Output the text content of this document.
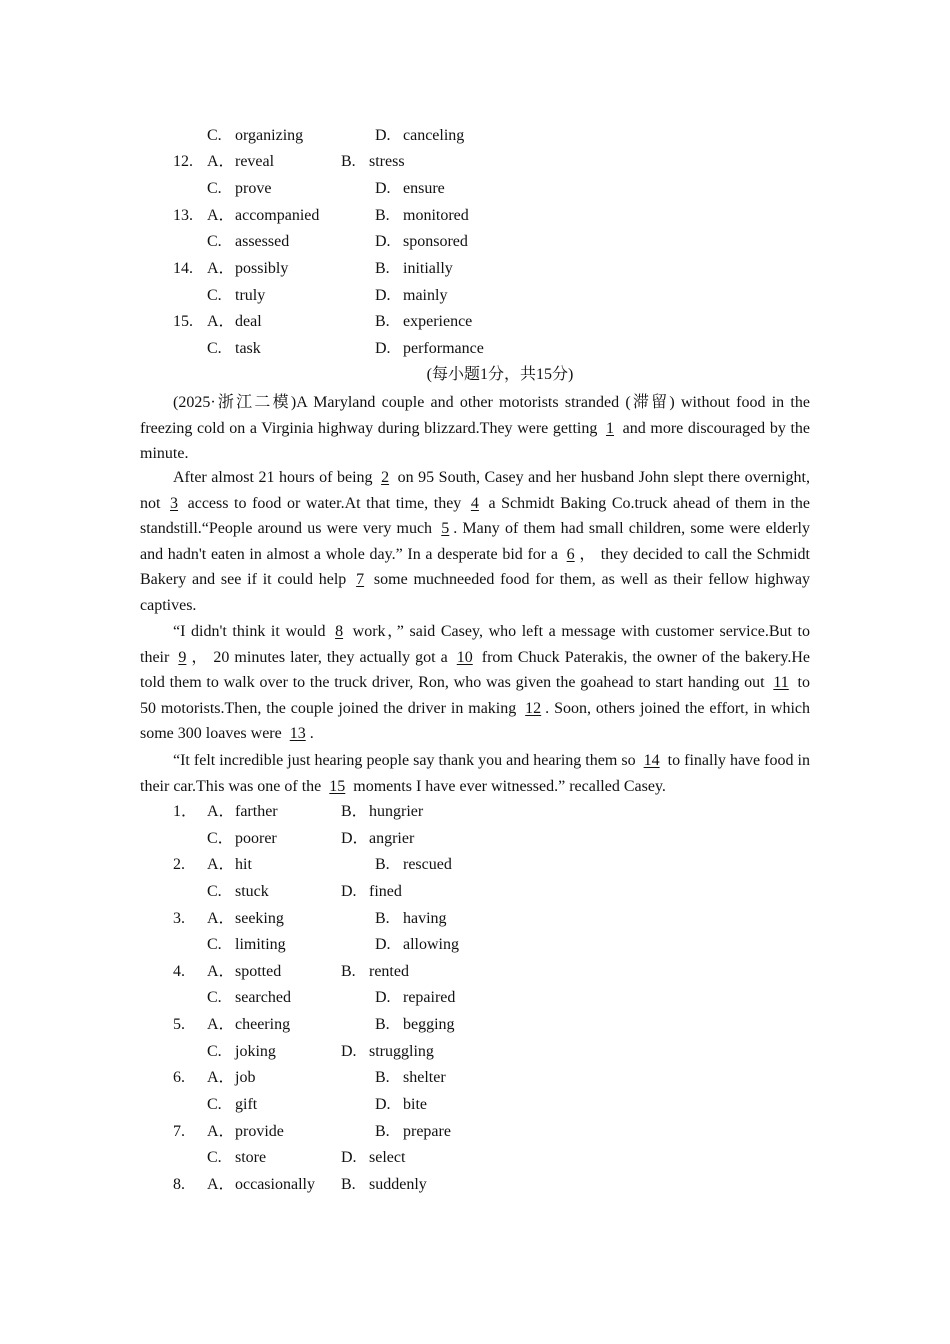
C. organizing	D. canceling
12. A． reveal	B. stress
C. prove	D. ensure
13. A． accompanied	B. monitored
C. assessed	D. sponsored
14. A． possibly	B. initially
C. truly	D. mainly
15. A． deal	B. experience
C. task	D. performance
(每小题1分，共15分)

(2025·浙江二模)A Maryland couple and other motorists stranded (滞留) without food in the freezing cold on a Virginia highway during blizzard.They were getting 1 and more discouraged by the minute.

After almost 21 hours of being 2 on 95 South, Casey and her husband John slept there overnight, not 3 access to food or water.At that time, they 4 a Schmidt Baking Co.truck ahead of them in the standstill.“People around us were very much 5 . Many of them had small children, some were elderly and hadn't eaten in almost a whole day.” In a desperate bid for a 6 ， they decided to call the Schmidt Bakery and see if it could help 7 some muchneeded food for them, as well as their fellow highway captives.

“I didn't think it would 8 work，” said Casey, who left a message with customer service.But to their 9 ， 20 minutes later, they actually got a 10 from Chuck Paterakis, the owner of the bakery.He told them to walk over to the truck driver, Ron, who was given the goahead to start handing out 11 to 50 motorists.Then, the couple joined the driver in making 12 . Soon, others joined the effort, in which some 300 loaves were 13 .

“It felt incredible just hearing people say thank you and hearing them so 14 to finally have food in their car.This was one of the 15 moments I have ever witnessed.” recalled Casey.

1． A． farther	B． hungrier
C． poorer	D． angrier
2. A． hit	B. rescued
C. stuck	D. fined
3. A． seeking	B. having
C. limiting	D. allowing
4. A． spotted	B. rented
C. searched	D. repaired
5. A． cheering	B. begging
C. joking	D. struggling
6. A． job	B. shelter
C. gift	D. bite
7. A． provide	B. prepare
C. store	D. select
8. A． occasionally B. suddenly
